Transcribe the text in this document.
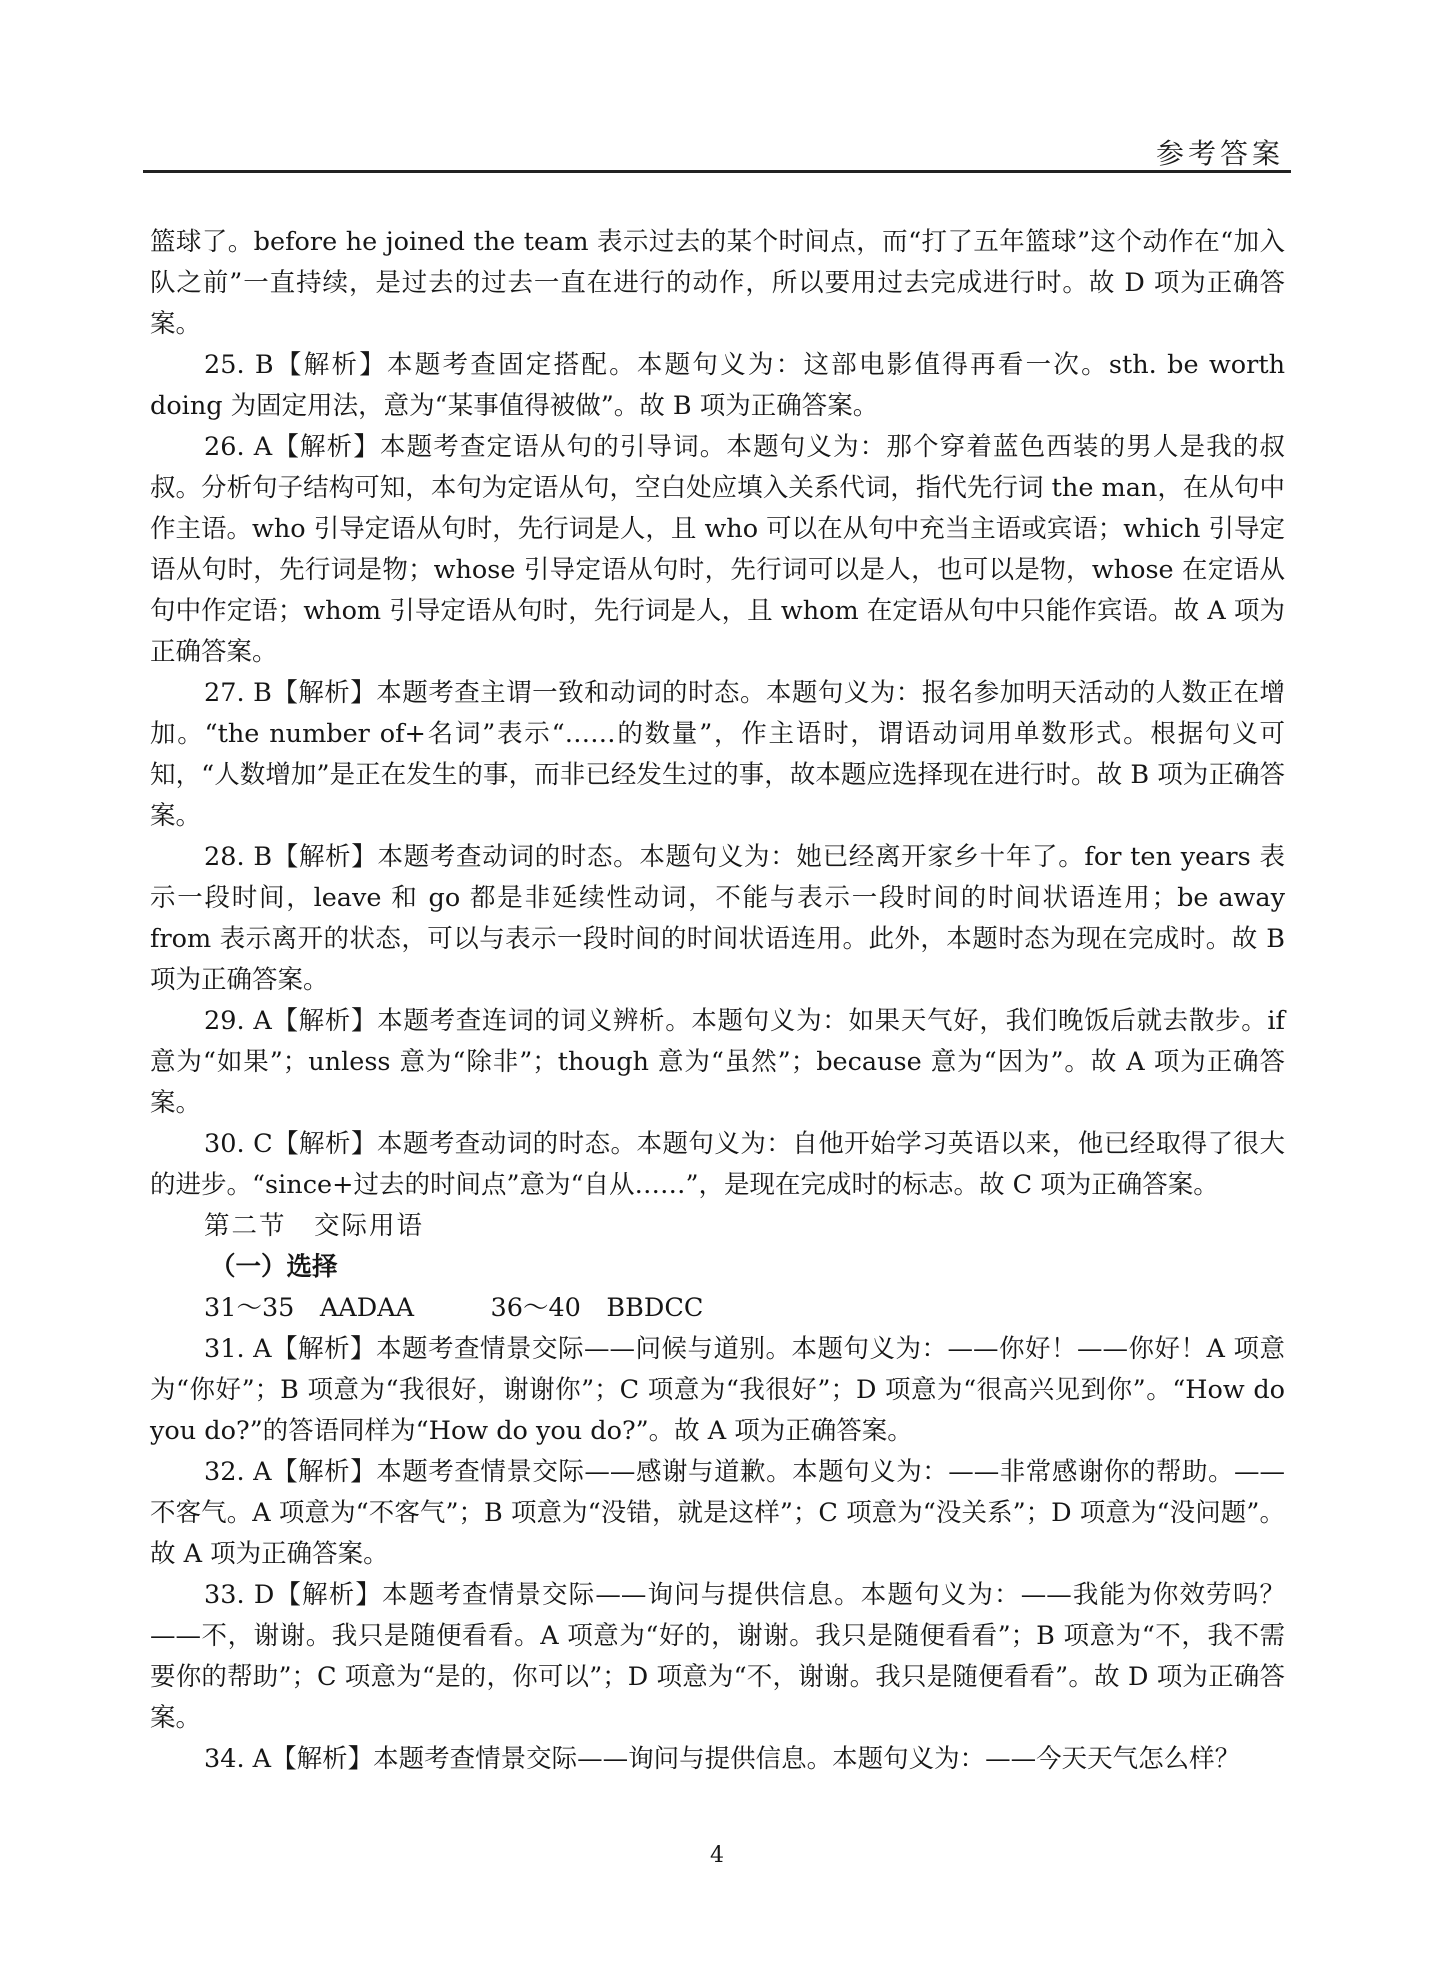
参考答案

篮球了。before he joined the team 表示过去的某个时间点，而“打了五年篮球”这个动作在“加入队之前”一直持续，是过去的过去一直在进行的动作，所以要用过去完成进行时。故 D 项为正确答案。

25. B【解析】本题考查固定搭配。本题句义为：这部电影值得再看一次。sth. be worth doing 为固定用法，意为“某事值得被做”。故 B 项为正确答案。

26. A【解析】本题考查定语从句的引导词。本题句义为：那个穿着蓝色西装的男人是我的叔叔。分析句子结构可知，本句为定语从句，空白处应填入关系代词，指代先行词 the man，在从句中作主语。who 引导定语从句时，先行词是人，且 who 可以在从句中充当主语或宾语；which 引导定语从句时，先行词是物；whose 引导定语从句时，先行词可以是人，也可以是物，whose 在定语从句中作定语；whom 引导定语从句时，先行词是人，且 whom 在定语从句中只能作宾语。故 A 项为正确答案。

27. B【解析】本题考查主谓一致和动词的时态。本题句义为：报名参加明天活动的人数正在增加。“the number of+名词”表示“……的数量”，作主语时，谓语动词用单数形式。根据句义可知，“人数增加”是正在发生的事，而非已经发生过的事，故本题应选择现在进行时。故 B 项为正确答案。

28. B【解析】本题考查动词的时态。本题句义为：她已经离开家乡十年了。for ten years 表示一段时间，leave 和 go 都是非延续性动词，不能与表示一段时间的时间状语连用；be away from 表示离开的状态，可以与表示一段时间的时间状语连用。此外，本题时态为现在完成时。故 B 项为正确答案。

29. A【解析】本题考查连词的词义辨析。本题句义为：如果天气好，我们晚饭后就去散步。if 意为“如果”；unless 意为“除非”；though 意为“虽然”；because 意为“因为”。故 A 项为正确答案。

30. C【解析】本题考查动词的时态。本题句义为：自他开始学习英语以来，他已经取得了很大的进步。“since+过去的时间点”意为“自从……”，是现在完成时的标志。故 C 项为正确答案。

第二节　交际用语

（一）选择

31～35　AADAA　　　36～40　BBDCC

31. A【解析】本题考查情景交际——问候与道别。本题句义为：——你好！——你好！A 项意为“你好”；B 项意为“我很好，谢谢你”；C 项意为“我很好”；D 项意为“很高兴见到你”。“How do you do?”的答语同样为“How do you do?”。故 A 项为正确答案。

32. A【解析】本题考查情景交际——感谢与道歉。本题句义为：——非常感谢你的帮助。——不客气。A 项意为“不客气”；B 项意为“没错，就是这样”；C 项意为“没关系”；D 项意为“没问题”。故 A 项为正确答案。

33. D【解析】本题考查情景交际——询问与提供信息。本题句义为：——我能为你效劳吗？——不，谢谢。我只是随便看看。A 项意为“好的，谢谢。我只是随便看看”；B 项意为“不，我不需要你的帮助”；C 项意为“是的，你可以”；D 项意为“不，谢谢。我只是随便看看”。故 D 项为正确答案。

34. A【解析】本题考查情景交际——询问与提供信息。本题句义为：——今天天气怎么样？

4
